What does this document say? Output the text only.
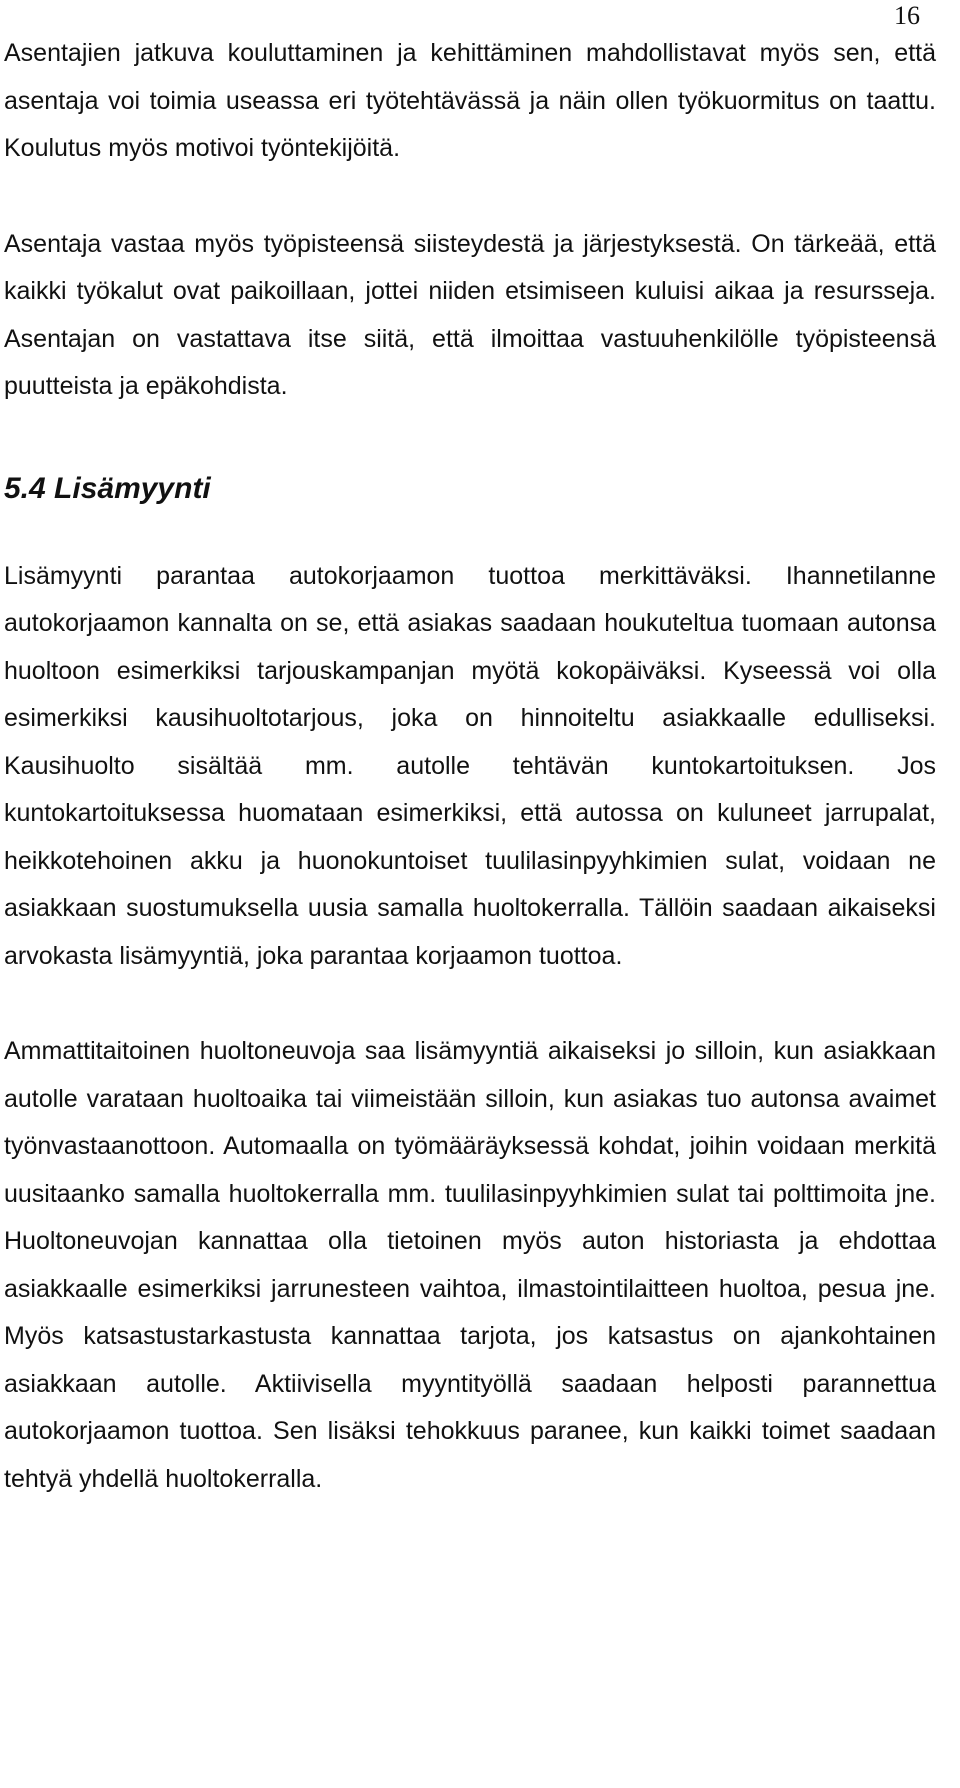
16

Asentajien jatkuva kouluttaminen ja kehittäminen mahdollistavat myös sen, että asentaja voi toimia useassa eri työtehtävässä ja näin ollen työkuormitus on taattu. Koulutus myös motivoi työntekijöitä.

Asentaja vastaa myös työpisteensä siisteydestä ja järjestyksestä. On tärkeää, että kaikki työkalut ovat paikoillaan, jottei niiden etsimiseen kuluisi aikaa ja resursseja. Asentajan on vastattava itse siitä, että ilmoittaa vastuuhenkilölle työpisteensä puutteista ja epäkohdista.

5.4 Lisämyynti

Lisämyynti parantaa autokorjaamon tuottoa merkittäväksi. Ihannetilanne autokorjaamon kannalta on se, että asiakas saadaan houkuteltua tuomaan autonsa huoltoon esimerkiksi tarjouskampanjan myötä kokopäiväksi. Kyseessä voi olla esimerkiksi kausihuoltotarjous, joka on hinnoiteltu asiakkaalle edulliseksi. Kausihuolto sisältää mm. autolle tehtävän kuntokartoituksen. Jos kuntokartoituksessa huomataan esimerkiksi, että autossa on kuluneet jarrupalat, heikkotehoinen akku ja huonokuntoiset tuulilasinpyyhkimien sulat, voidaan ne asiakkaan suostumuksella uusia samalla huoltokerralla. Tällöin saadaan aikaiseksi arvokasta lisämyyntiä, joka parantaa korjaamon tuottoa.

Ammattitaitoinen huoltoneuvoja saa lisämyyntiä aikaiseksi jo silloin, kun asiakkaan autolle varataan huoltoaika tai viimeistään silloin, kun asiakas tuo autonsa avaimet työnvastaanottoon. Automaalla on työmääräyksessä kohdat, joihin voidaan merkitä uusitaanko samalla huoltokerralla mm. tuulilasinpyyhkimien sulat tai polttimoita jne. Huoltoneuvojan kannattaa olla tietoinen myös auton historiasta ja ehdottaa asiakkaalle esimerkiksi jarrunesteen vaihtoa, ilmastointilaitteen huoltoa, pesua jne. Myös katsastustarkastusta kannattaa tarjota, jos katsastus on ajankohtainen asiakkaan autolle. Aktiivisella myyntityöllä saadaan helposti parannettua autokorjaamon tuottoa. Sen lisäksi tehokkuus paranee, kun kaikki toimet saadaan tehtyä yhdellä huoltokerralla.
